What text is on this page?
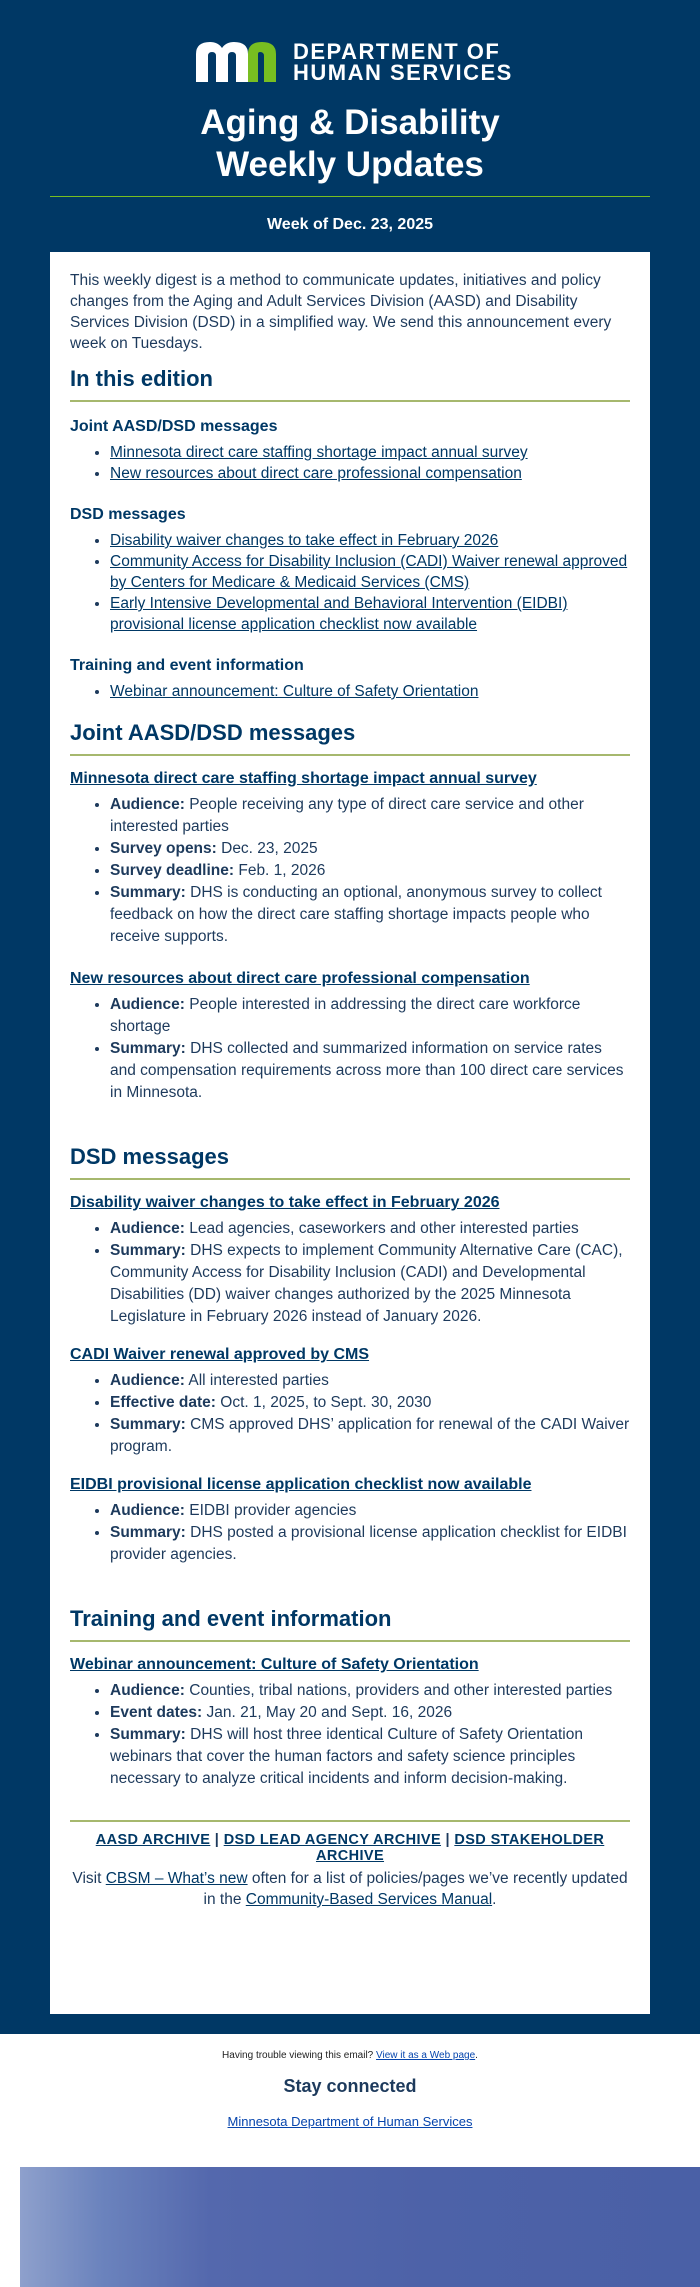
DEPARTMENT OF
HUMAN SERVICES
Aging & Disability
Weekly Updates
Week of Dec. 23, 2025

This weekly digest is a method to communicate updates, initiatives and policy changes from the Aging and Adult Services Division (AASD) and Disability Services Division (DSD) in a simplified way. We send this announcement every week on Tuesdays.

In this edition
Joint AASD/DSD messages
• Minnesota direct care staffing shortage impact annual survey
• New resources about direct care professional compensation
DSD messages
• Disability waiver changes to take effect in February 2026
• Community Access for Disability Inclusion (CADI) Waiver renewal approved by Centers for Medicare & Medicaid Services (CMS)
• Early Intensive Developmental and Behavioral Intervention (EIDBI) provisional license application checklist now available
Training and event information
• Webinar announcement: Culture of Safety Orientation
Joint AASD/DSD messages

Minnesota direct care staffing shortage impact annual survey

• Audience: People receiving any type of direct care service and other interested parties
• Survey opens: Dec. 23, 2025
• Survey deadline: Feb. 1, 2026
• Summary: DHS is conducting an optional, anonymous survey to collect feedback on how the direct care staffing shortage impacts people who receive supports.

New resources about direct care professional compensation

• Audience: People interested in addressing the direct care workforce shortage
• Summary: DHS collected and summarized information on service rates and compensation requirements across more than 100 direct care services in Minnesota.
DSD messages

Disability waiver changes to take effect in February 2026

• Audience: Lead agencies, caseworkers and other interested parties
• Summary: DHS expects to implement Community Alternative Care (CAC), Community Access for Disability Inclusion (CADI) and Developmental Disabilities (DD) waiver changes authorized by the 2025 Minnesota Legislature in February 2026 instead of January 2026.

CADI Waiver renewal approved by CMS

• Audience: All interested parties
• Effective date: Oct. 1, 2025, to Sept. 30, 2030
• Summary: CMS approved DHS’ application for renewal of the CADI Waiver program.

EIDBI provisional license application checklist now available

• Audience: EIDBI provider agencies
• Summary: DHS posted a provisional license application checklist for EIDBI provider agencies.
Training and event information

Webinar announcement: Culture of Safety Orientation

• Audience: Counties, tribal nations, providers and other interested parties
• Event dates: Jan. 21, May 20 and Sept. 16, 2026
• Summary: DHS will host three identical Culture of Safety Orientation webinars that cover the human factors and safety science principles necessary to analyze critical incidents and inform decision-making.
AASD ARCHIVE | DSD LEAD AGENCY ARCHIVE | DSD STAKEHOLDER ARCHIVE
Visit CBSM – What’s new often for a list of policies/pages we’ve recently updated in the Community-Based Services Manual.
Having trouble viewing this email? View it as a Web page.
Stay connected
Minnesota Department of Human Services
